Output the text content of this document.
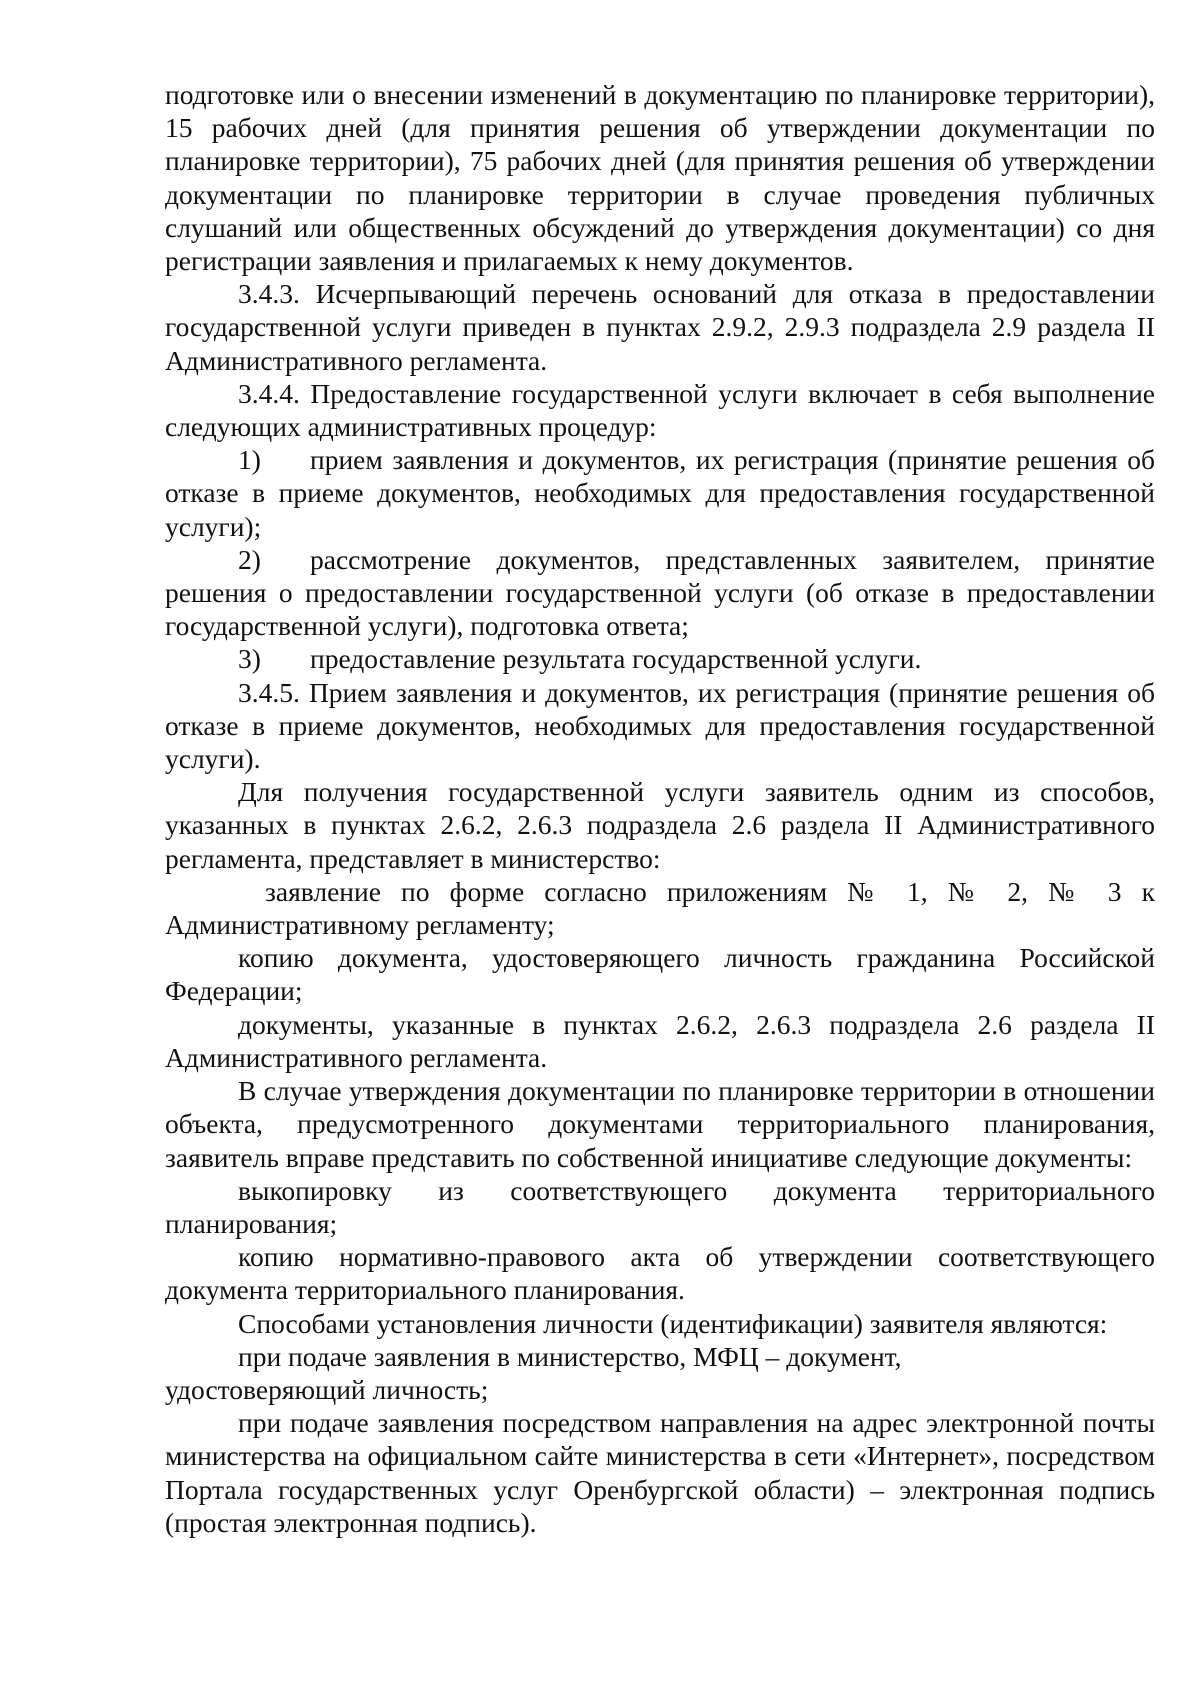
подготовке или о внесении изменений в документацию по планировке территории), 15 рабочих дней (для принятия решения об утверждении документации по планировке территории), 75 рабочих дней (для принятия решения об утверждении документации по планировке территории в случае проведения публичных слушаний или общественных обсуждений до утверждения документации) со дня регистрации заявления и прилагаемых к нему документов.

3.4.3. Исчерпывающий перечень оснований для отказа в предоставлении государственной услуги приведен в пунктах 2.9.2, 2.9.3 подраздела 2.9 раздела II Административного регламента.

3.4.4. Предоставление государственной услуги включает в себя выполнение следующих административных процедур:

1) прием заявления и документов, их регистрация (принятие решения об отказе в приеме документов, необходимых для предоставления государственной услуги);

2) рассмотрение документов, представленных заявителем, принятие решения о предоставлении государственной услуги (об отказе в предоставлении государственной услуги), подготовка ответа;

3) предоставление результата государственной услуги.

3.4.5. Прием заявления и документов, их регистрация (принятие решения об отказе в приеме документов, необходимых для предоставления государственной услуги).

Для получения государственной услуги заявитель одним из способов, указанных в пунктах 2.6.2, 2.6.3 подраздела 2.6 раздела II Административного регламента, представляет в министерство:

заявление по форме согласно приложениям № 1, № 2, № 3 к Административному регламенту;

копию документа, удостоверяющего личность гражданина Российской Федерации;

документы, указанные в пунктах 2.6.2, 2.6.3 подраздела 2.6 раздела II Административного регламента.

В случае утверждения документации по планировке территории в отношении объекта, предусмотренного документами территориального планирования, заявитель вправе представить по собственной инициативе следующие документы:

выкопировку из соответствующего документа территориального планирования;

копию нормативно-правового акта об утверждении соответствующего документа территориального планирования.

Способами установления личности (идентификации) заявителя являются:

при подаче заявления в министерство, МФЦ – документ,

удостоверяющий личность;

при подаче заявления посредством направления на адрес электронной почты министерства на официальном сайте министерства в сети «Интернет», посредством Портала государственных услуг Оренбургской области) – электронная подпись (простая электронная подпись).
